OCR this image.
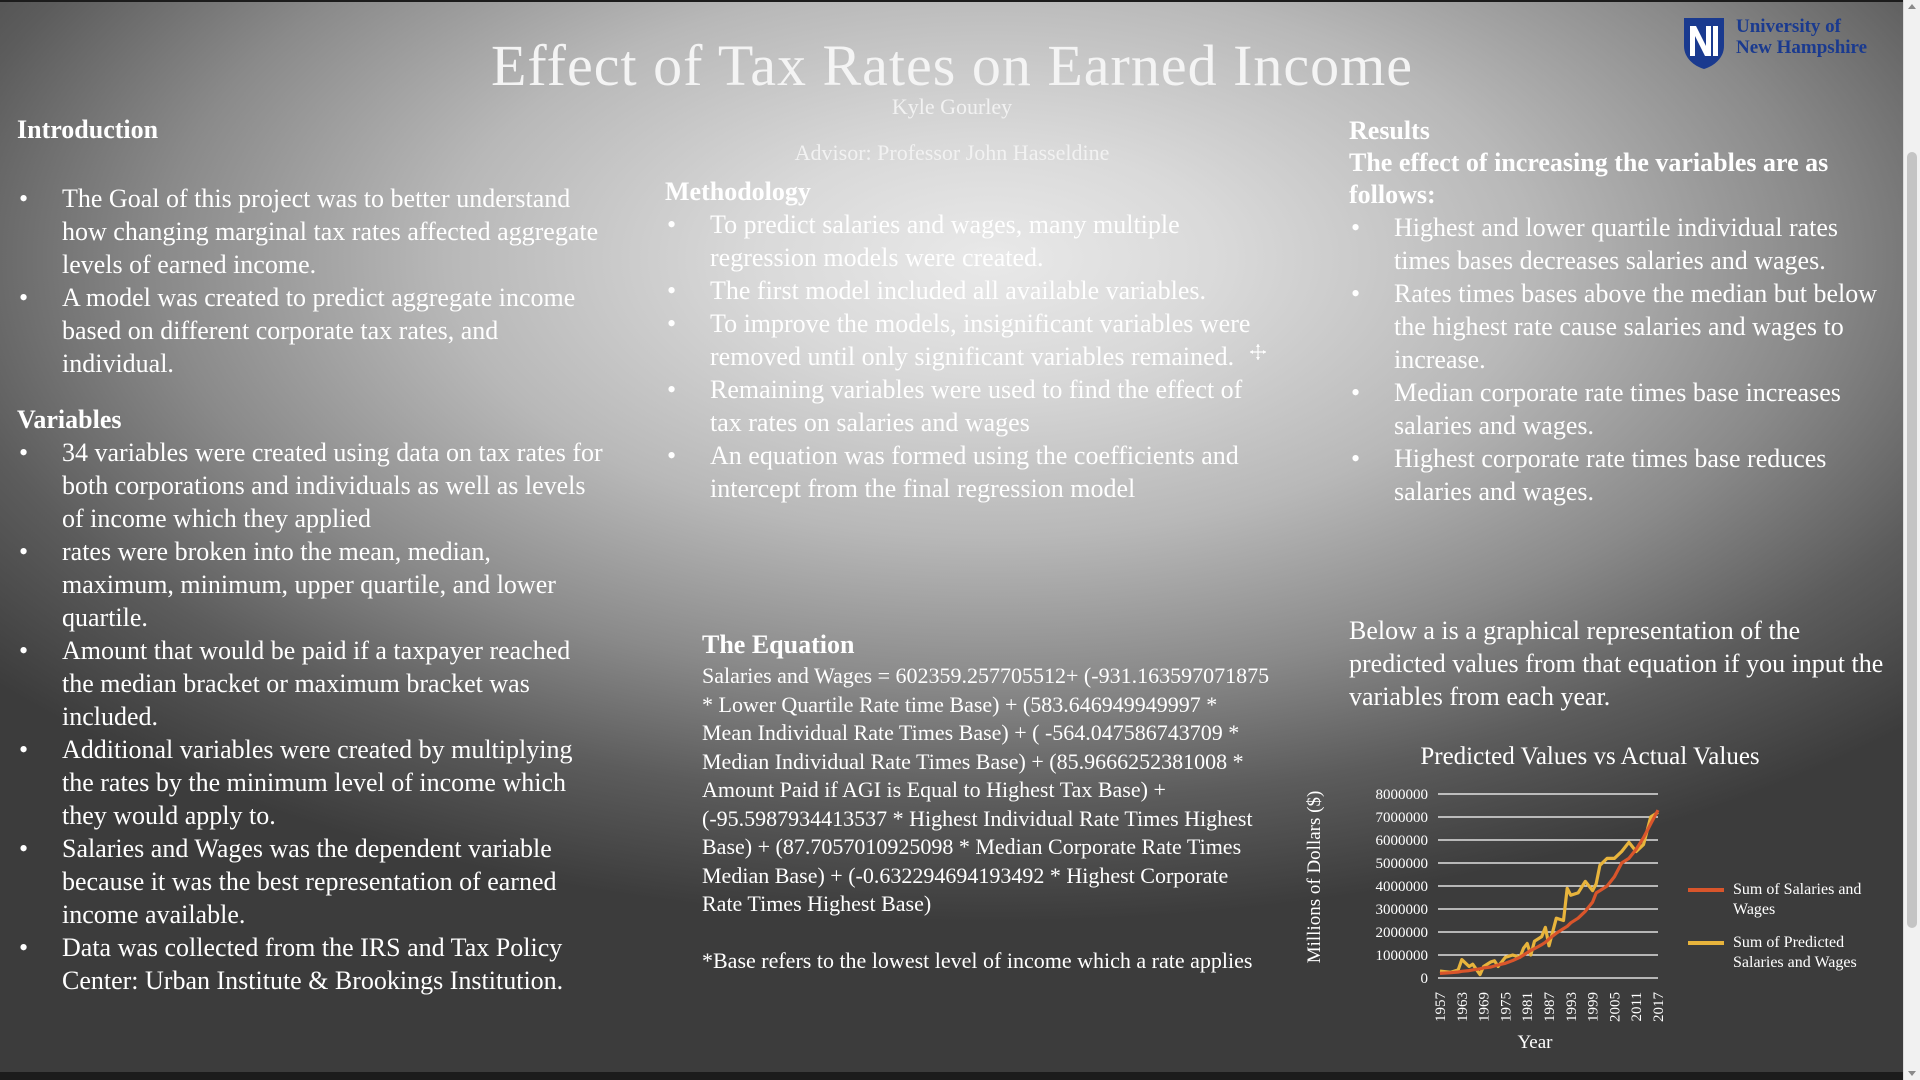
Effect of Tax Rates on Earned Income
Kyle Gourley
Advisor: Professor John Hasseldine
University of
New Hampshire
Introduction
• The Goal of this project was to better understand how changing marginal tax rates affected aggregate levels of earned income.
• A model was created to predict aggregate income based on different corporate tax rates, and individual.
Variables
• 34 variables were created using data on tax rates for both corporations and individuals as well as levels of income which they applied
• rates were broken into the mean, median, maximum, minimum, upper quartile, and lower quartile.
• Amount that would be paid if a taxpayer reached the median bracket or maximum bracket was included.
• Additional variables were created by multiplying the rates by the minimum level of income which they would apply to.
• Salaries and Wages was the dependent variable because it was the best representation of earned income available.
• Data was collected from the IRS and Tax Policy Center: Urban Institute & Brookings Institution.
Methodology
• To predict salaries and wages, many multiple regression models were created.
• The first model included all available variables.
• To improve the models, insignificant variables were removed until only significant variables remained.
• Remaining variables were used to find the effect of tax rates on salaries and wages
• An equation was formed using the coefficients and intercept from the final regression model
The Equation
Salaries and Wages = 602359.257705512+ (-931.163597071875 * Lower Quartile Rate time Base) + (583.646949949997 * Mean Individual Rate Times Base) + ( -564.047586743709 * Median Individual Rate Times Base) + (85.9666252381008 * Amount Paid if AGI is Equal to Highest Tax Base) + (-95.5987934413537 * Highest Individual Rate Times Highest Base) + (87.7057010925098 * Median Corporate Rate Times Median Base) + (-0.632294694193492 * Highest Corporate Rate Times Highest Base)
*Base refers to the lowest level of income which a rate applies
Results
The effect of increasing the variables are as follows:
• Highest and lower quartile individual rates times bases decreases salaries and wages.
• Rates times bases above the median but below the highest rate cause salaries and wages to increase.
• Median corporate rate times base increases salaries and wages.
• Highest corporate rate times base reduces salaries and wages.
Below a is a graphical representation of the predicted values from that equation if you input the variables from each year.
Predicted Values vs Actual Values
Millions of Dollars ($)
Year
0
1000000
2000000
3000000
4000000
5000000
6000000
7000000
8000000
1957 1963 1969 1975 1981 1987 1993 1999 2005 2011 2017
Sum of Salaries and Wages
Sum of Predicted Salaries and Wages
